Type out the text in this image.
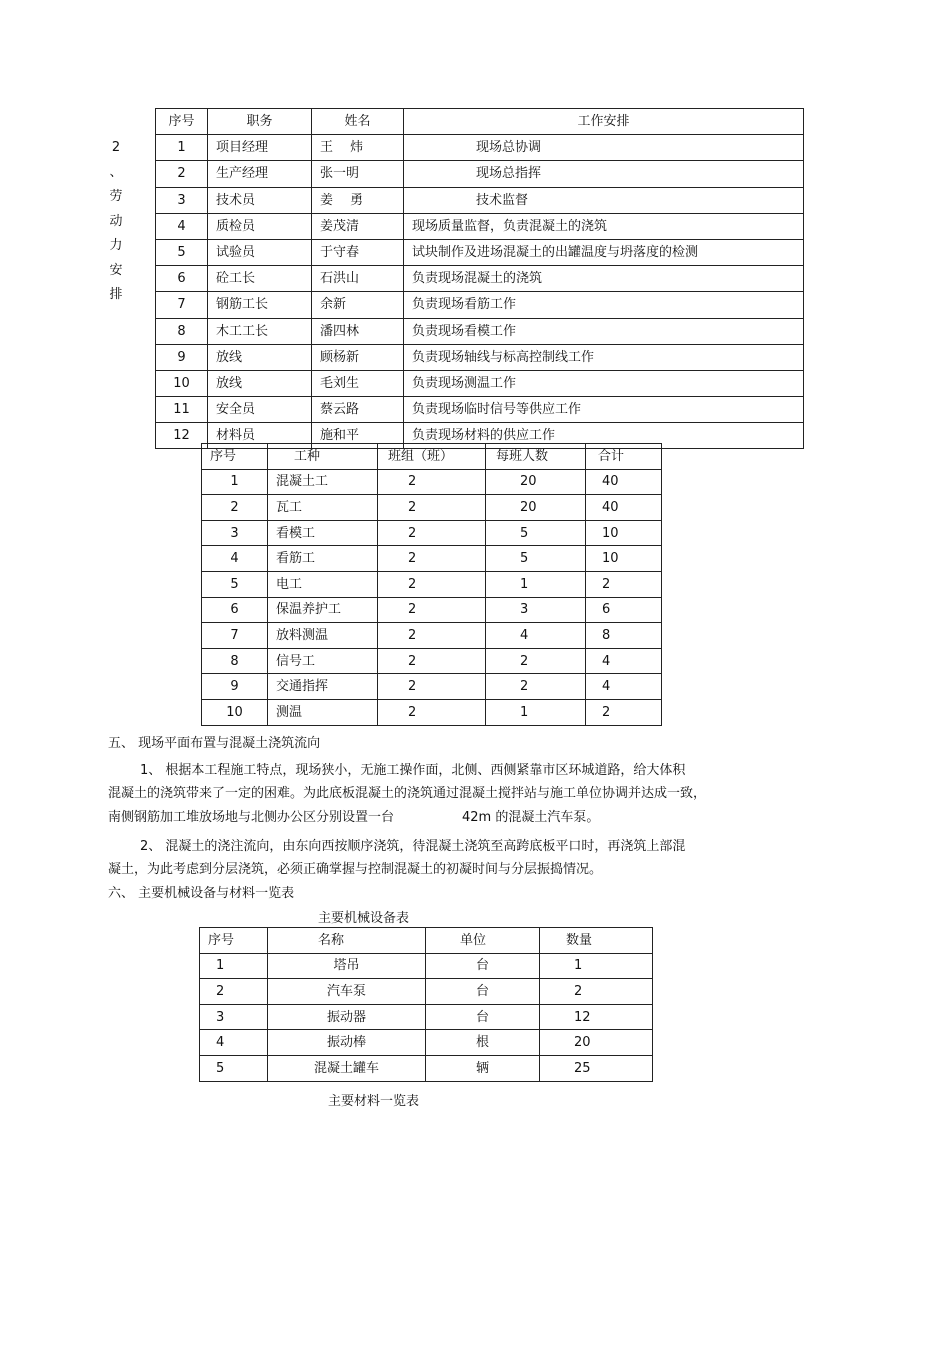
2 、
劳
动
力
安
排
序号	职务	姓名	工作安排
1	项目经理	王　 炜	现场总协调
2	生产经理	张一明	现场总指挥
3	技术员	姜　 勇	技术监督
4	质检员	姜茂清	现场质量监督，负责混凝土的浇筑
5	试验员	于守春	试块制作及进场混凝土的出罐温度与坍落度的检测
6	砼工长	石洪山	负责现场混凝土的浇筑
7	钢筋工长	余新	负责现场看筋工作
8	木工工长	潘四林	负责现场看模工作
9	放线	顾杨新	负责现场轴线与标高控制线工作
10	放线	毛刘生	负责现场测温工作
11	安全员	蔡云路	负责现场临时信号等供应工作
12	材料员	施和平	负责现场材料的供应工作
序号	工种	班组（班）	每班人数	合计
1	混凝土工	2	20	40
2	瓦工	2	20	40
3	看模工	2	5	10
4	看筋工	2	5	10
5	电工	2	1	2
6	保温养护工	2	3	6
7	放料测温	2	4	8
8	信号工	2	2	4
9	交通指挥	2	2	4
10	测温	2	1	2
五、 现场平面布置与混凝土浇筑流向
1、 根据本工程施工特点，现场狭小，无施工操作面，北侧、西侧紧靠市区环城道路，给大体积
混凝土的浇筑带来了一定的困难。为此底板混凝土的浇筑通过混凝土搅拌站与施工单位协调并达成一致，
南侧钢筋加工堆放场地与北侧办公区分别设置一台	42m 的混凝土汽车泵。
2、 混凝土的浇注流向，由东向西按顺序浇筑，待混凝土浇筑至高跨底板平口时，再浇筑上部混
凝土，为此考虑到分层浇筑，必须正确掌握与控制混凝土的初凝时间与分层振捣情况。
六、 主要机械设备与材料一览表
主要机械设备表
序号	名称	单位	数量
1	塔吊	台	1
2	汽车泵	台	2
3	振动器	台	12
4	振动棒	根	20
5	混凝土罐车	辆	25
主要材料一览表
